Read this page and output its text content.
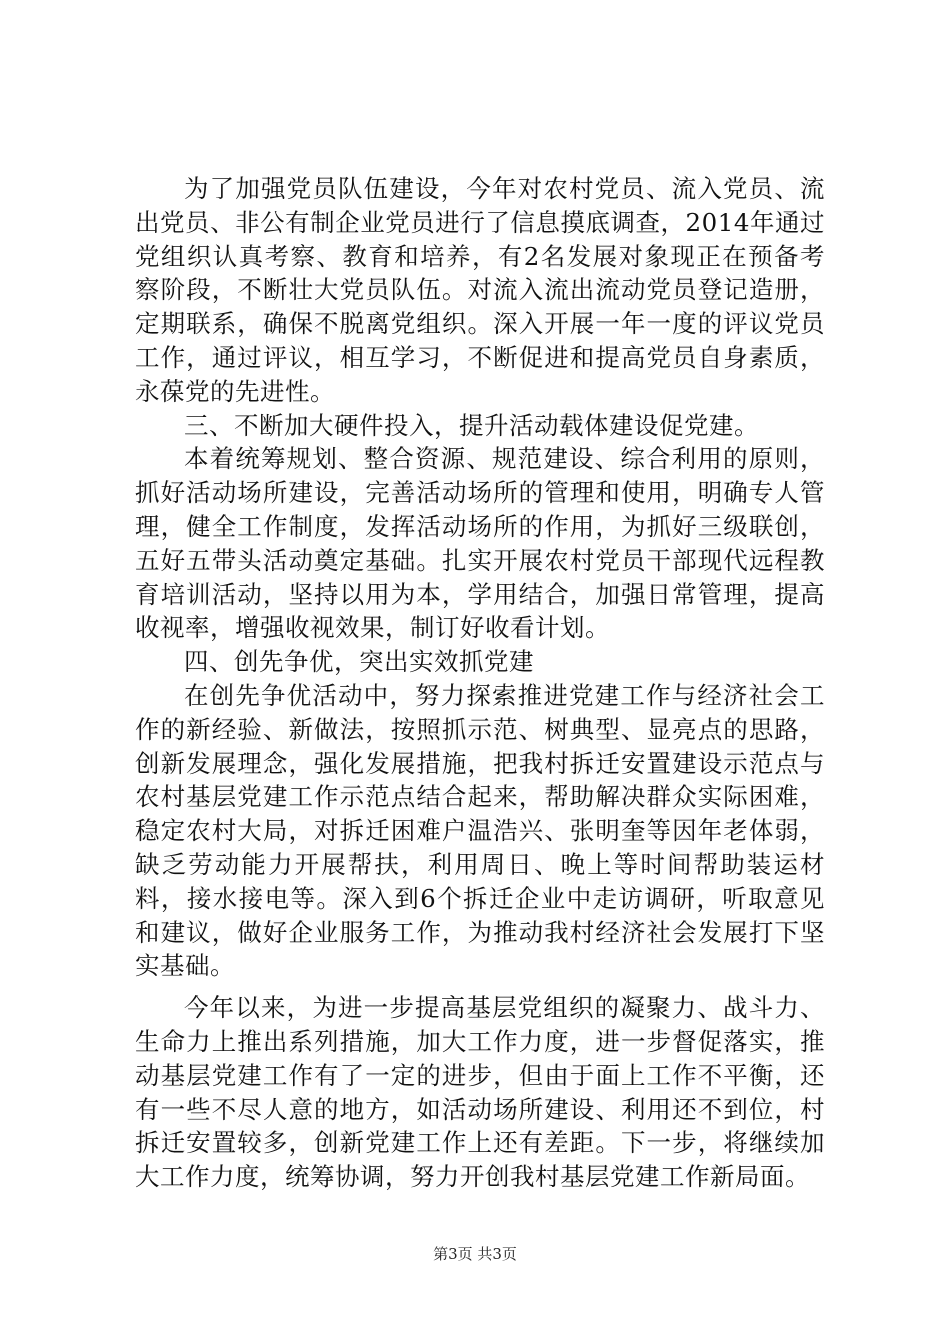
为了加强党员队伍建设，今年对农村党员、流入党员、流出党员、非公有制企业党员进行了信息摸底调查，2014年通过党组织认真考察、教育和培养，有2名发展对象现正在预备考察阶段，不断壮大党员队伍。对流入流出流动党员登记造册，定期联系，确保不脱离党组织。深入开展一年一度的评议党员工作，通过评议，相互学习，不断促进和提高党员自身素质，永葆党的先进性。

三、不断加大硬件投入，提升活动载体建设促党建。

本着统筹规划、整合资源、规范建设、综合利用的原则，抓好活动场所建设，完善活动场所的管理和使用，明确专人管理，健全工作制度，发挥活动场所的作用，为抓好三级联创，五好五带头活动奠定基础。扎实开展农村党员干部现代远程教育培训活动，坚持以用为本，学用结合，加强日常管理，提高收视率，增强收视效果，制订好收看计划。

四、创先争优，突出实效抓党建

在创先争优活动中，努力探索推进党建工作与经济社会工作的新经验、新做法，按照抓示范、树典型、显亮点的思路，创新发展理念，强化发展措施，把我村拆迁安置建设示范点与农村基层党建工作示范点结合起来，帮助解决群众实际困难，稳定农村大局，对拆迁困难户温浩兴、张明奎等因年老体弱，缺乏劳动能力开展帮扶，利用周日、晚上等时间帮助装运材料，接水接电等。深入到6个拆迁企业中走访调研，听取意见和建议，做好企业服务工作，为推动我村经济社会发展打下坚实基础。

今年以来，为进一步提高基层党组织的凝聚力、战斗力、生命力上推出系列措施，加大工作力度，进一步督促落实，推动基层党建工作有了一定的进步，但由于面上工作不平衡，还有一些不尽人意的地方，如活动场所建设、利用还不到位，村拆迁安置较多，创新党建工作上还有差距。下一步，将继续加大工作力度，统筹协调，努力开创我村基层党建工作新局面。

第3页 共3页
